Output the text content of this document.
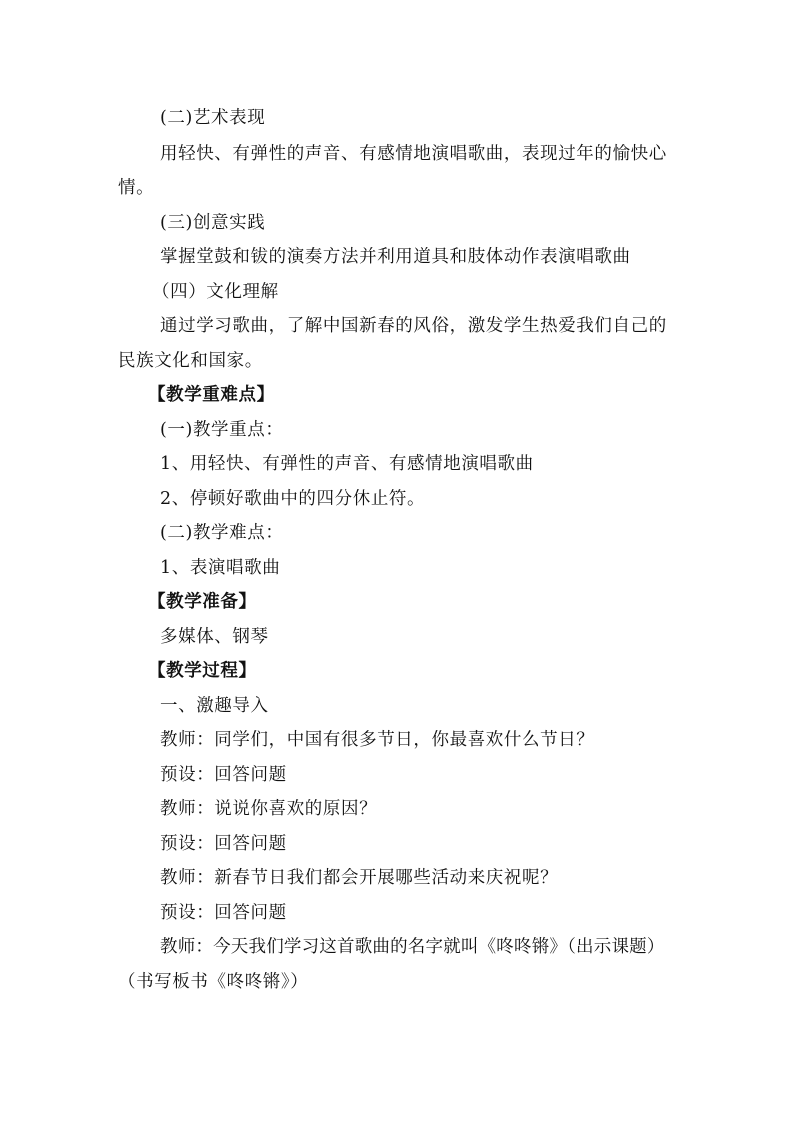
(二)艺术表现
用轻快、有弹性的声音、有感情地演唱歌曲，表现过年的愉快心
情。
(三)创意实践
掌握堂鼓和钹的演奏方法并利用道具和肢体动作表演唱歌曲
（四）文化理解
通过学习歌曲，了解中国新春的风俗，激发学生热爱我们自己的
民族文化和国家。
【教学重难点】
(一)教学重点：
1、用轻快、有弹性的声音、有感情地演唱歌曲
2、停顿好歌曲中的四分休止符。
(二)教学难点：
1、表演唱歌曲
【教学准备】
多媒体、钢琴
【教学过程】
一、激趣导入
教师：同学们，中国有很多节日，你最喜欢什么节日？
预设：回答问题
教师：说说你喜欢的原因？
预设：回答问题
教师：新春节日我们都会开展哪些活动来庆祝呢？
预设：回答问题
教师：今天我们学习这首歌曲的名字就叫《咚咚锵》（出示课题）
（书写板书《咚咚锵》）
